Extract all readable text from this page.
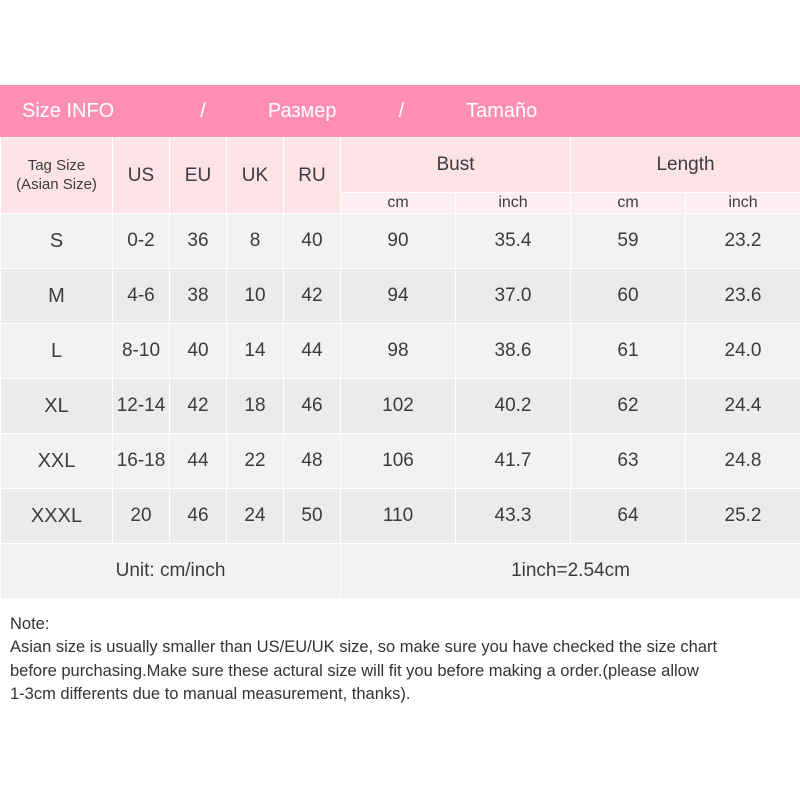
Size INFO	/	Размер	/	Tamaño
Tag Size
(Asian Size)	US	EU	UK	RU	Bust		Length	
					cm	inch	cm	inch
S	0-2	36	8	40	90	35.4	59	23.2
M	4-6	38	10	42	94	37.0	60	23.6
L	8-10	40	14	44	98	38.6	61	24.0
XL	12-14	42	18	46	102	40.2	62	24.4
XXL	16-18	44	22	48	106	41.7	63	24.8
XXXL	20	46	24	50	110	43.3	64	25.2
Unit: cm/inch					1inch=2.54cm			

Note:

Asian size is usually smaller than US/EU/UK size, so make sure you have checked the size chart

before purchasing.Make sure these actural size will fit you before making a order.(please allow

1-3cm differents due to manual measurement, thanks).
